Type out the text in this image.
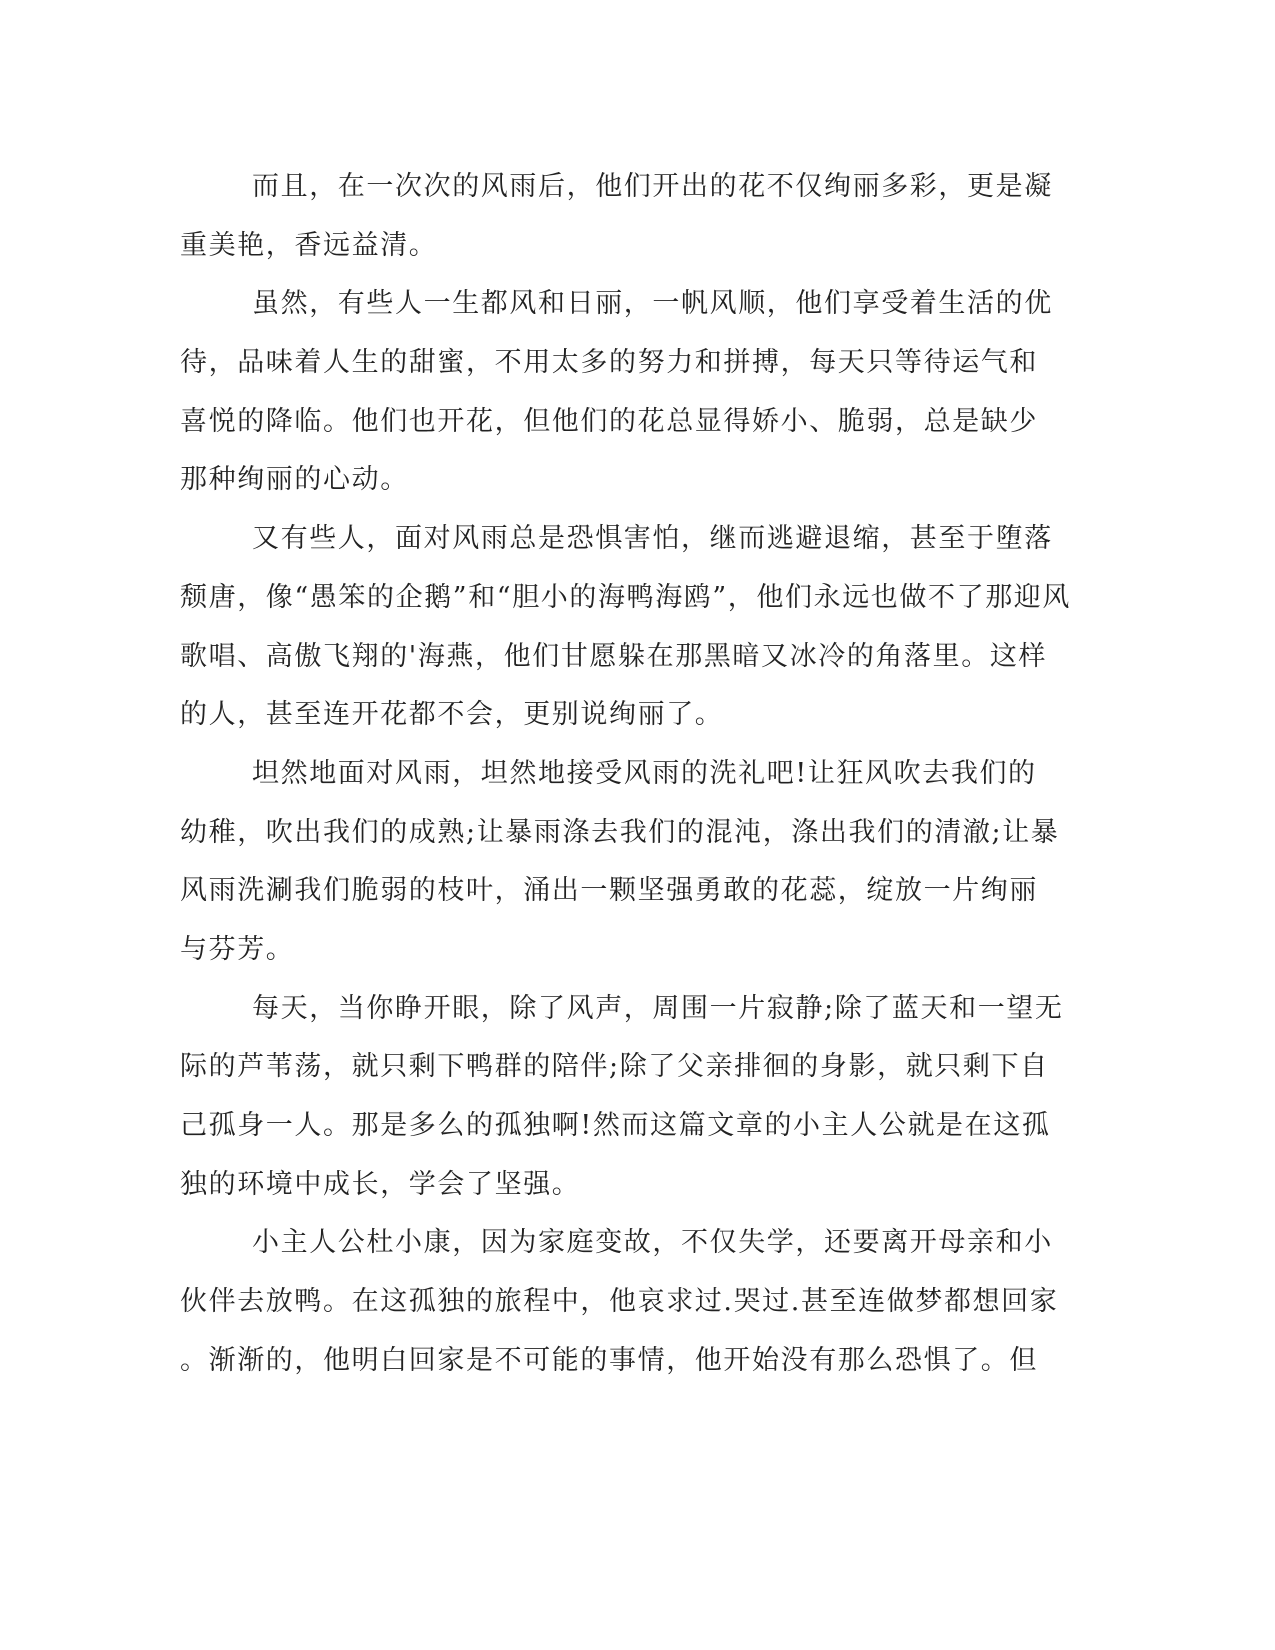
而且，在一次次的风雨后，他们开出的花不仅绚丽多彩，更是凝
重美艳，香远益清。
虽然，有些人一生都风和日丽，一帆风顺，他们享受着生活的优
待，品味着人生的甜蜜，不用太多的努力和拼搏，每天只等待运气和
喜悦的降临。他们也开花，但他们的花总显得娇小、脆弱，总是缺少
那种绚丽的心动。
又有些人，面对风雨总是恐惧害怕，继而逃避退缩，甚至于堕落
颓唐，像“愚笨的企鹅”和“胆小的海鸭海鸥”，他们永远也做不了那迎风
歌唱、高傲飞翔的'海燕，他们甘愿躲在那黑暗又冰冷的角落里。这样
的人，甚至连开花都不会，更别说绚丽了。
坦然地面对风雨，坦然地接受风雨的洗礼吧!让狂风吹去我们的
幼稚，吹出我们的成熟;让暴雨涤去我们的混沌，涤出我们的清澈;让暴
风雨洗涮我们脆弱的枝叶，涌出一颗坚强勇敢的花蕊，绽放一片绚丽
与芬芳。
每天，当你睁开眼，除了风声，周围一片寂静;除了蓝天和一望无
际的芦苇荡，就只剩下鸭群的陪伴;除了父亲排徊的身影，就只剩下自
己孤身一人。那是多么的孤独啊!然而这篇文章的小主人公就是在这孤
独的环境中成长，学会了坚强。
小主人公杜小康，因为家庭变故，不仅失学，还要离开母亲和小
伙伴去放鸭。在这孤独的旅程中，他哀求过.哭过.甚至连做梦都想回家
。渐渐的，他明白回家是不可能的事情，他开始没有那么恐惧了。但
